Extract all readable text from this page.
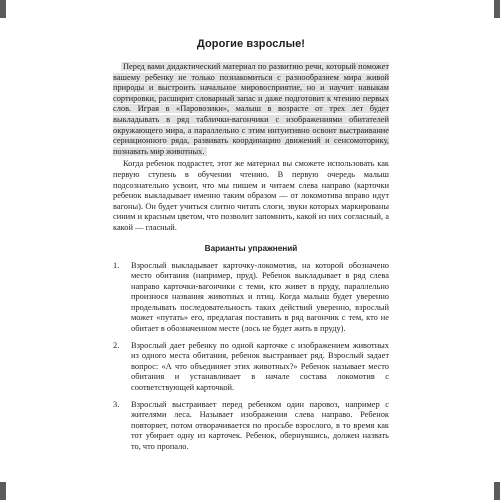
Дорогие взрослые!

Перед вами дидактический материал по развитию речи, который поможет вашему ребенку не только познакомиться с разнообразием мира живой природы и выстроить начальное мировосприятие, но и научит навыкам сортировки, расширит словарный запас и даже подготовит к чтению первых слов. Играя в «Паровозики», малыш в возрасте от трех лет будет выкладывать в ряд таблички-вагончики с изображениями обитателей окружающего мира, а параллельно с этим интуитивно освоит выстраивание сериационного ряда, развивать координацию движений и сенсомоторику, познавать мир животных.

Когда ребенок подрастет, этот же материал вы сможете использовать как первую ступень в обучении чтению. В первую очередь малыш подсознательно усвоит, что мы пишем и читаем слева направо (карточки ребенок выкладывает именно таким образом — от локомотива вправо идут вагоны). Он будет учиться слитно читать слоги, звуки которых маркированы синим и красным цветом, что позволит запомнить, какой из них согласный, а какой — гласный.

Варианты упражнений
1. Взрослый выкладывает карточку-локомотив, на которой обозначено место обитания (например, пруд). Ребенок выкладывает в ряд слева направо карточки-вагончики с теми, кто живет в пруду, параллельно произнося названия животных и птиц. Когда малыш будет уверенно проделывать последовательность таких действий уверенно, взрослый может «путать» его, предлагая поставить в ряд вагончик с тем, кто не обитает в обозначенном месте (лось не будет жить в пруду).
2. Взрослый дает ребенку по одной карточке с изображением животных из одного места обитания, ребенок выстраивает ряд. Взрослый задает вопрос: «А что объединяет этих животных?» Ребенок называет место обитания и устанавливает в начале состава локомотив с соответствующей карточкой.
3. Взрослый выстраивает перед ребенком один паровоз, например с жителями леса. Называет изображения слева направо. Ребенок повторяет, потом отворачивается по просьбе взрослого, в то время как тот убирает одну из карточек. Ребенок, обернувшись, должен назвать то, что пропало.
